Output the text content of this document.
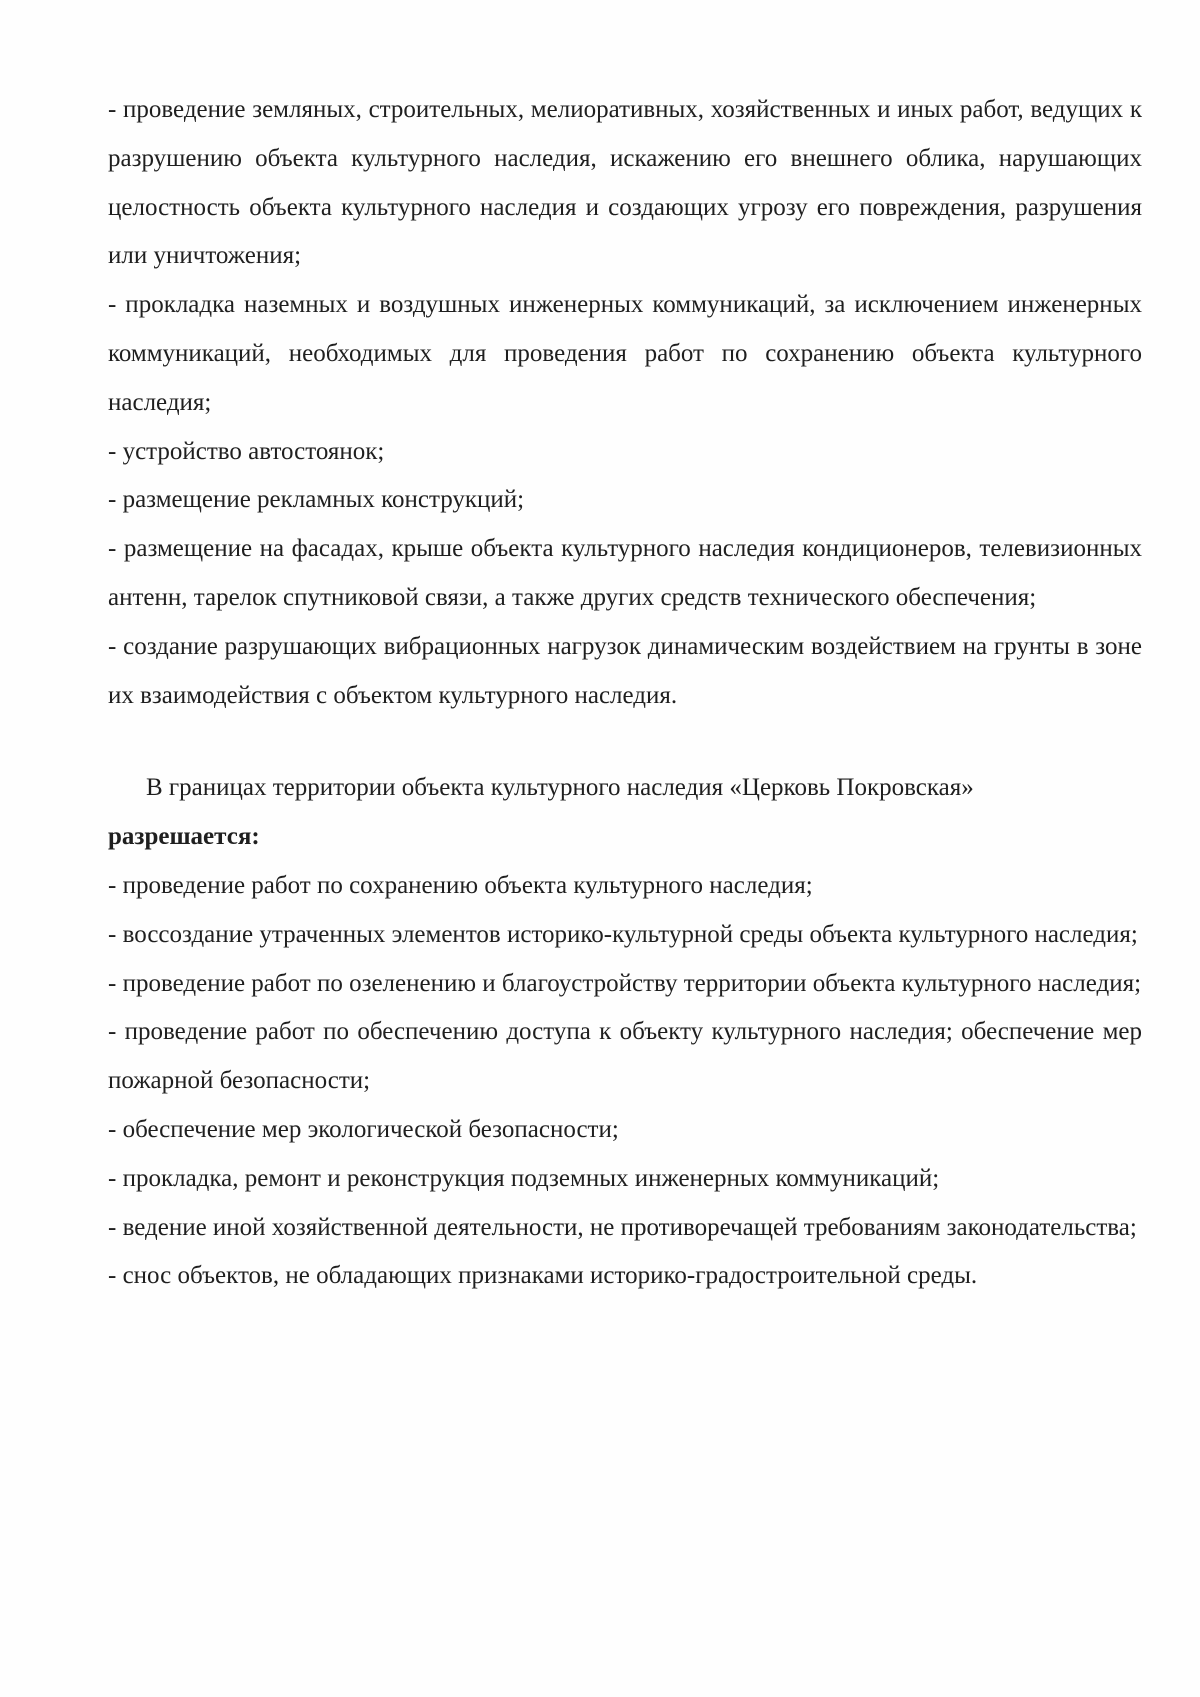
- проведение земляных, строительных, мелиоративных, хозяйственных и иных работ, ведущих к разрушению объекта культурного наследия, искажению его внешнего облика, нарушающих целостность объекта культурного наследия и создающих угрозу его повреждения, разрушения или уничтожения;

- прокладка наземных и воздушных инженерных коммуникаций, за исключением инженерных коммуникаций, необходимых для проведения работ по сохранению объекта культурного наследия;

- устройство автостоянок;

- размещение рекламных конструкций;

- размещение на фасадах, крыше объекта культурного наследия кондиционеров, телевизионных антенн, тарелок спутниковой связи, а также других средств технического обеспечения;

- создание разрушающих вибрационных нагрузок динамическим воздействием на грунты в зоне их взаимодействия с объектом культурного наследия.

В границах территории объекта культурного наследия «Церковь Покровская»

разрешается:

- проведение работ по сохранению объекта культурного наследия;

- воссоздание утраченных элементов историко-культурной среды объекта культурного наследия;

- проведение работ по озеленению и благоустройству территории объекта культурного наследия;

- проведение работ по обеспечению доступа к объекту культурного наследия; обеспечение мер пожарной безопасности;

- обеспечение мер экологической безопасности;

- прокладка, ремонт и реконструкция подземных инженерных коммуникаций;

- ведение иной хозяйственной деятельности, не противоречащей требованиям законодательства;

- снос объектов, не обладающих признаками историко-градостроительной среды.
